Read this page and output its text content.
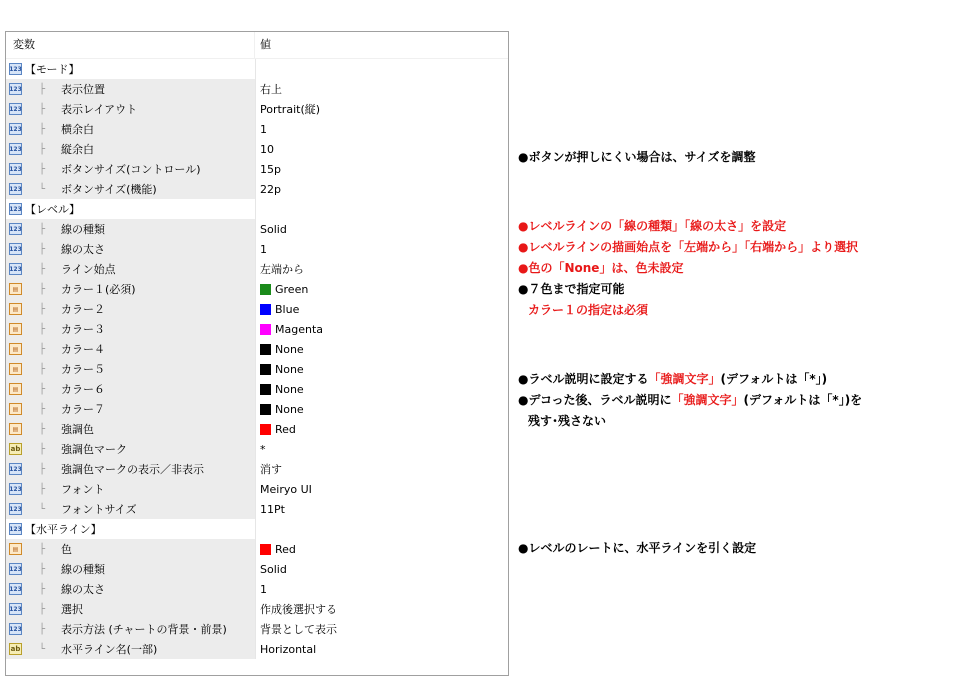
変数	値
123 【モード】
123 ├	表示位置	右上
123 ├	表示レイアウト	Portrait(縦)
123 ├	横余白	1
123 ├	縦余白	10
123 ├	ボタンサイズ(コントロール)	15p
123 └	ボタンサイズ(機能)	22p
123 【レベル】
123 ├	線の種類	Solid
123 ├	線の太さ	1
123 ├	ライン始点	左端から
▤	├	カラー１(必須)	Green
▤	├	カラー２	Blue
▤	├	カラー３	Magenta
▤	├	カラー４	None
▤	├	カラー５	None
▤	├	カラー６	None
▤	├	カラー７	None
▤	├	強調色	Red
ab ├	強調色マーク	*
123 ├	強調色マークの表示／非表示	消す
123 ├	フォント	Meiryo UI
123 └	フォントサイズ	11Pt
123 【水平ライン】
▤	├	色	Red
123 ├	線の種類	Solid
123 ├	線の太さ	1
123 ├	選択	作成後選択する
123 ├	表示方法 (チャートの背景・前景)	背景として表示
ab └	水平ライン名(一部)	Horizontal
●ボタンが押しにくい場合は、サイズを調整
●レベルラインの「線の種類」「線の太さ」を設定
●レベルラインの描画始点を「左端から」「右端から」より選択
●色の「None」は、色未設定
●７色まで指定可能
カラー１の指定は必須
●ラベル説明に設定する「強調文字」(デフォルトは「*」)
●デコった後、ラベル説明に「強調文字」(デフォルトは「*」)を
残す･残さない
●レベルのレートに、水平ラインを引く設定
